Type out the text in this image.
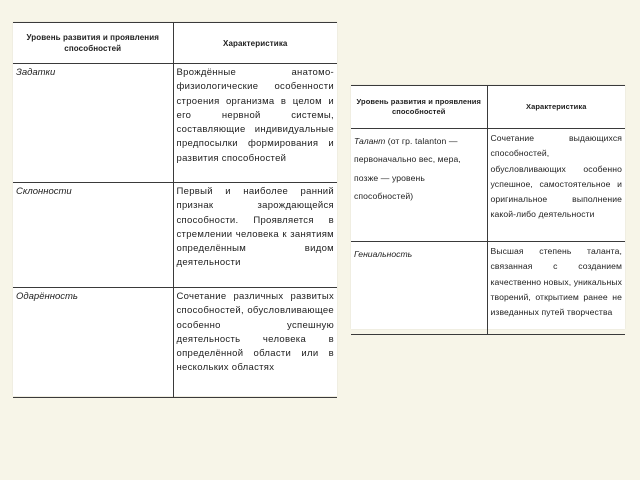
Уровень развития и проявления способностей	Характеристика
Задатки	Врождённые анатомо-физиологические особенности строения организма в целом и его нервной системы, составляющие индивидуальные предпосылки формирования и развития способностей
Склонности	Первый и наиболее ранний признак зарождающейся способности. Проявляется в стремлении человека к занятиям определённым видом деятельности
Одарённость	Сочетание различных развитых способностей, обусловливающее особенно успешную деятельность человека в определённой области или в нескольких областях
Уровень развития и проявления способностей	Характеристика
Талант (от гр. talanton — первоначально вес, мера, позже — уровень способностей)	Сочетание выдающихся способностей, обусловливающих особенно успешное, самостоятельное и оригинальное выполнение какой-либо деятельности
Гениальность	Высшая степень таланта, связанная с созданием качественно новых, уникальных творений, открытием ранее не изведанных путей творчества
